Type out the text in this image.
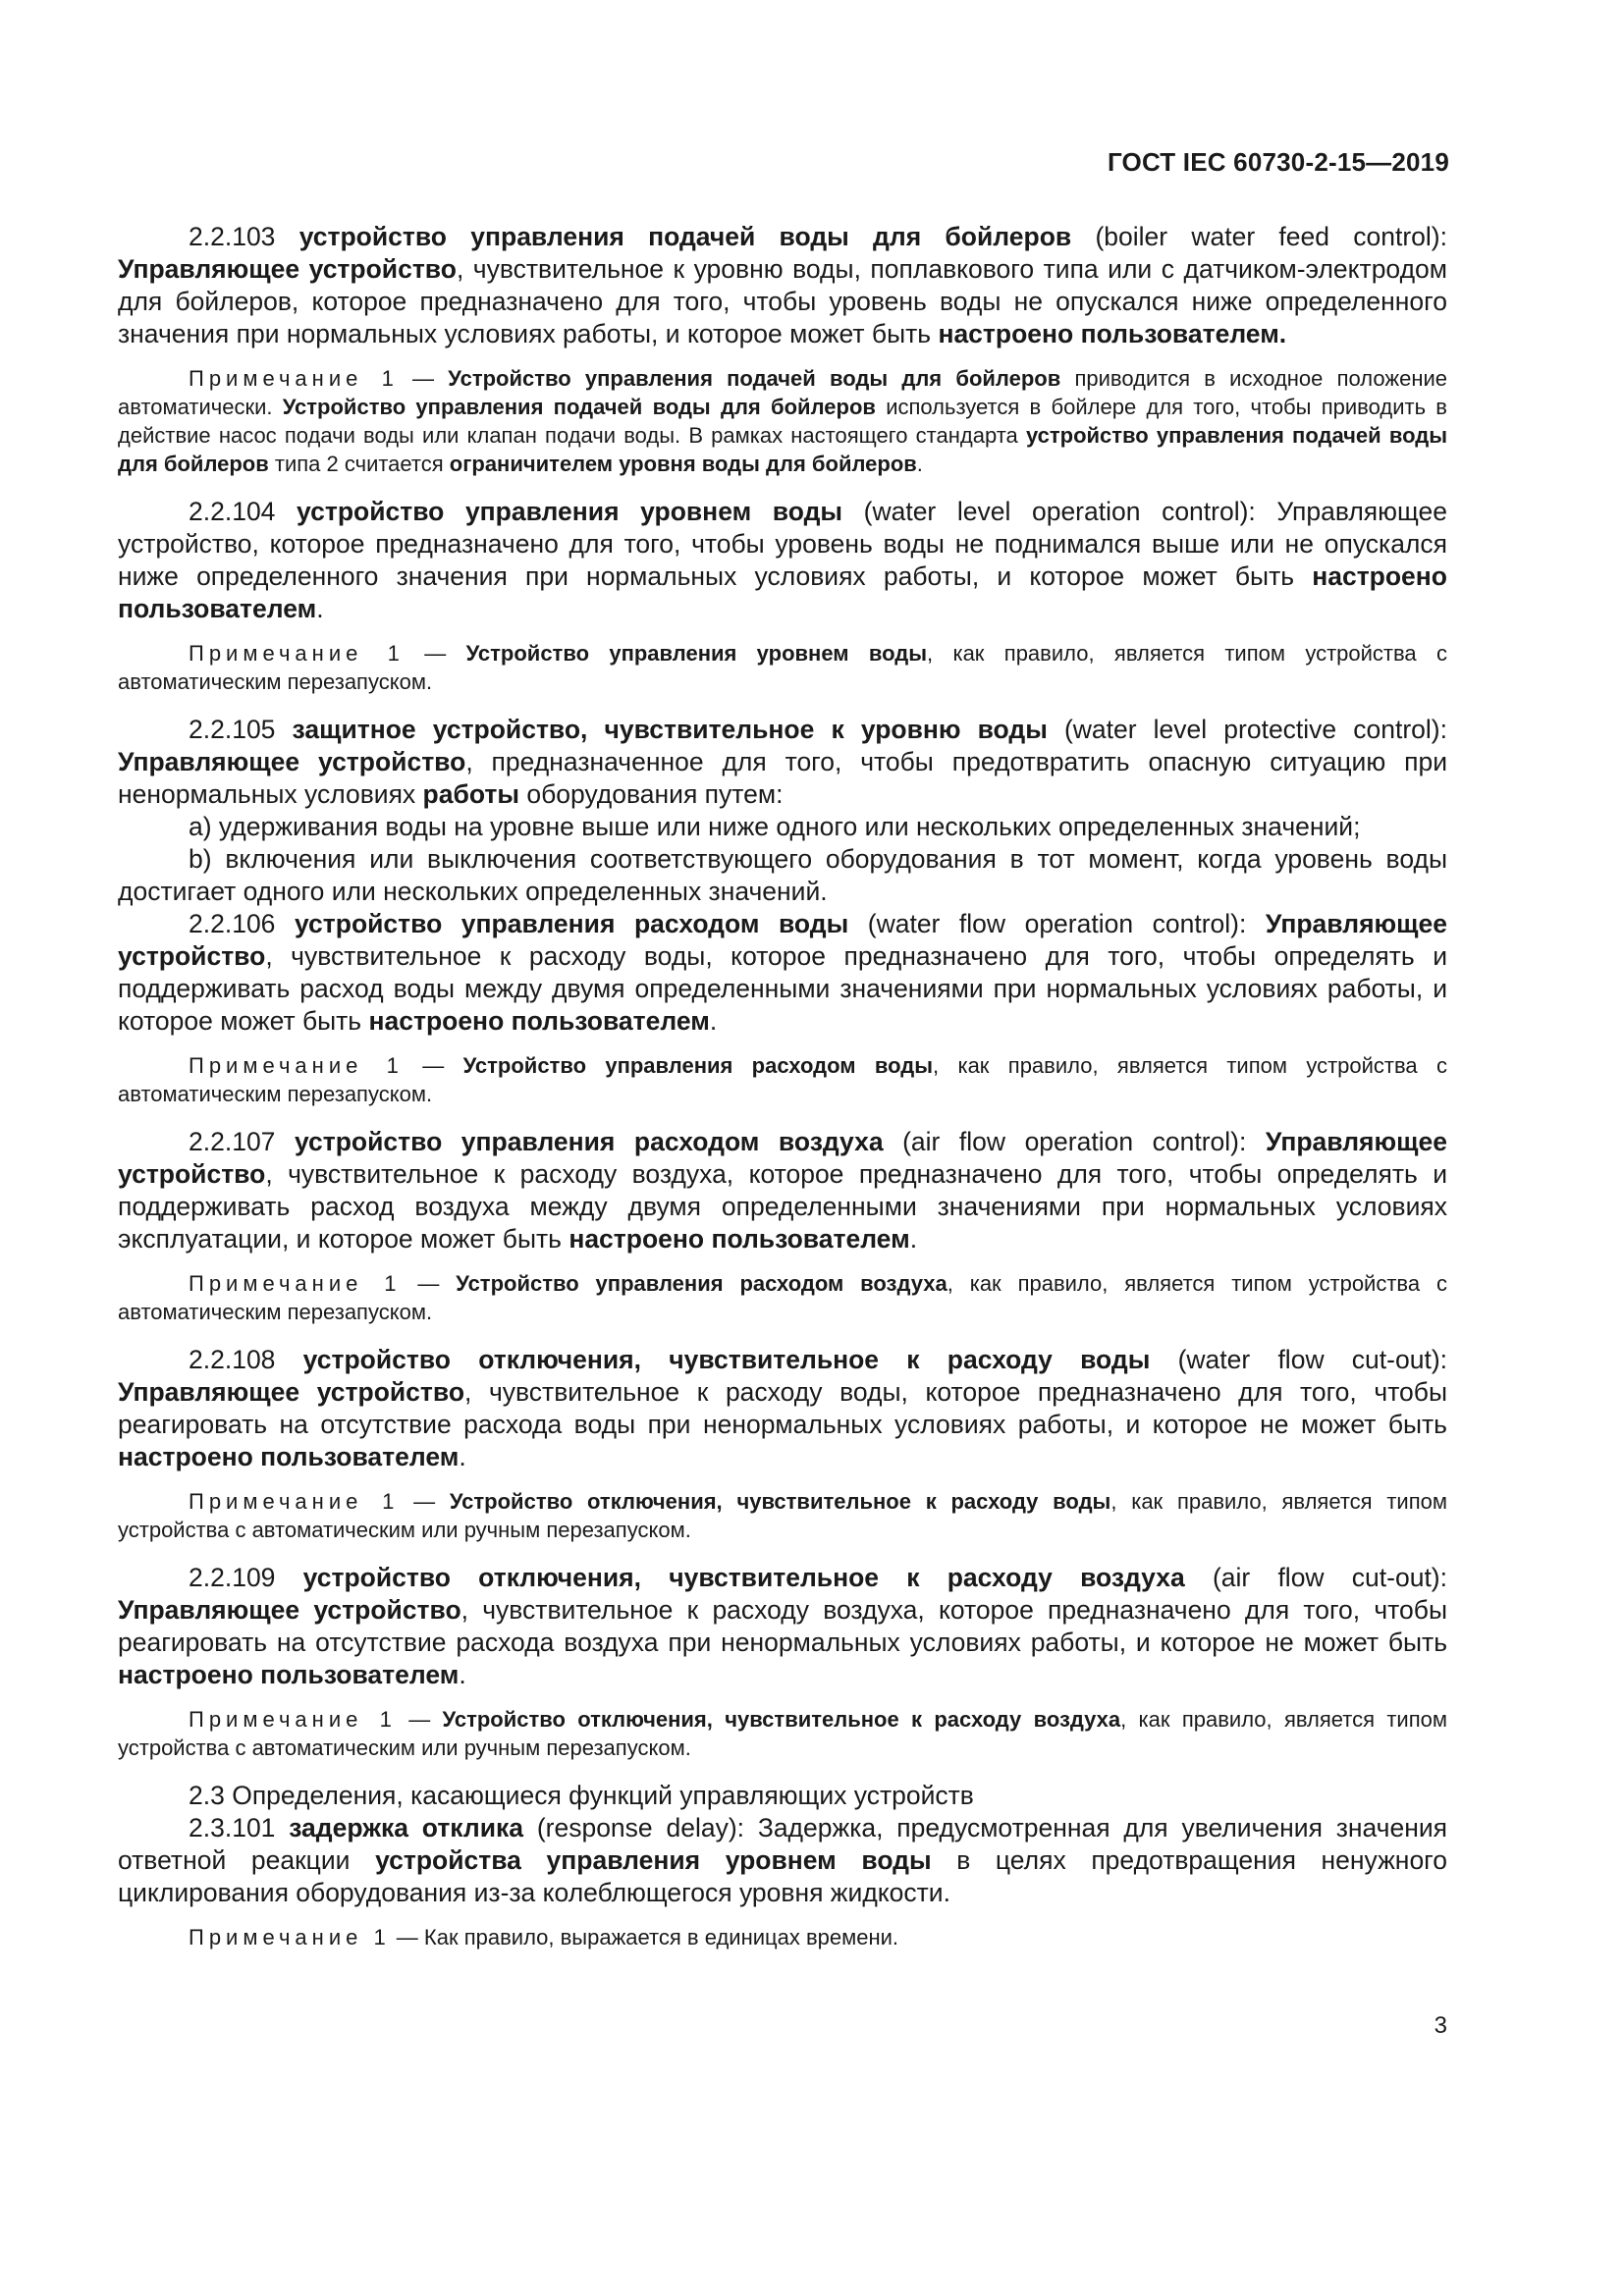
ГОСТ IEC 60730-2-15—2019

2.2.103 устройство управления подачей воды для бойлеров (boiler water feed control): Управляющее устройство, чувствительное к уровню воды, поплавкового типа или с датчиком-электродом для бойлеров, которое предназначено для того, чтобы уровень воды не опускался ниже определенного значения при нормальных условиях работы, и которое может быть настроено пользователем.

Примечание 1 — Устройство управления подачей воды для бойлеров приводится в исходное положение автоматически. Устройство управления подачей воды для бойлеров используется в бойлере для того, чтобы приводить в действие насос подачи воды или клапан подачи воды. В рамках настоящего стандарта устройство управления подачей воды для бойлеров типа 2 считается ограничителем уровня воды для бойлеров.

2.2.104 устройство управления уровнем воды (water level operation control): Управляющее устройство, которое предназначено для того, чтобы уровень воды не поднимался выше или не опускался ниже определенного значения при нормальных условиях работы, и которое может быть настроено пользователем.

Примечание 1 — Устройство управления уровнем воды, как правило, является типом устройства с автоматическим перезапуском.

2.2.105 защитное устройство, чувствительное к уровню воды (water level protective control): Управляющее устройство, предназначенное для того, чтобы предотвратить опасную ситуацию при ненормальных условиях работы оборудования путем:

a) удерживания воды на уровне выше или ниже одного или нескольких определенных значений;

b) включения или выключения соответствующего оборудования в тот момент, когда уровень воды достигает одного или нескольких определенных значений.

2.2.106 устройство управления расходом воды (water flow operation control): Управляющее устройство, чувствительное к расходу воды, которое предназначено для того, чтобы определять и поддерживать расход воды между двумя определенными значениями при нормальных условиях работы, и которое может быть настроено пользователем.

Примечание 1 — Устройство управления расходом воды, как правило, является типом устройства с автоматическим перезапуском.

2.2.107 устройство управления расходом воздуха (air flow operation control): Управляющее устройство, чувствительное к расходу воздуха, которое предназначено для того, чтобы определять и поддерживать расход воздуха между двумя определенными значениями при нормальных условиях эксплуатации, и которое может быть настроено пользователем.

Примечание 1 — Устройство управления расходом воздуха, как правило, является типом устройства с автоматическим перезапуском.

2.2.108 устройство отключения, чувствительное к расходу воды (water flow cut-out): Управляющее устройство, чувствительное к расходу воды, которое предназначено для того, чтобы реагировать на отсутствие расхода воды при ненормальных условиях работы, и которое не может быть настроено пользователем.

Примечание 1 — Устройство отключения, чувствительное к расходу воды, как правило, является типом устройства с автоматическим или ручным перезапуском.

2.2.109 устройство отключения, чувствительное к расходу воздуха (air flow cut-out): Управляющее устройство, чувствительное к расходу воздуха, которое предназначено для того, чтобы реагировать на отсутствие расхода воздуха при ненормальных условиях работы, и которое не может быть настроено пользователем.

Примечание 1 — Устройство отключения, чувствительное к расходу воздуха, как правило, является типом устройства с автоматическим или ручным перезапуском.

2.3 Определения, касающиеся функций управляющих устройств

2.3.101 задержка отклика (response delay): Задержка, предусмотренная для увеличения значения ответной реакции устройства управления уровнем воды в целях предотвращения ненужного циклирования оборудования из-за колеблющегося уровня жидкости.

Примечание 1 — Как правило, выражается в единицах времени.

3
